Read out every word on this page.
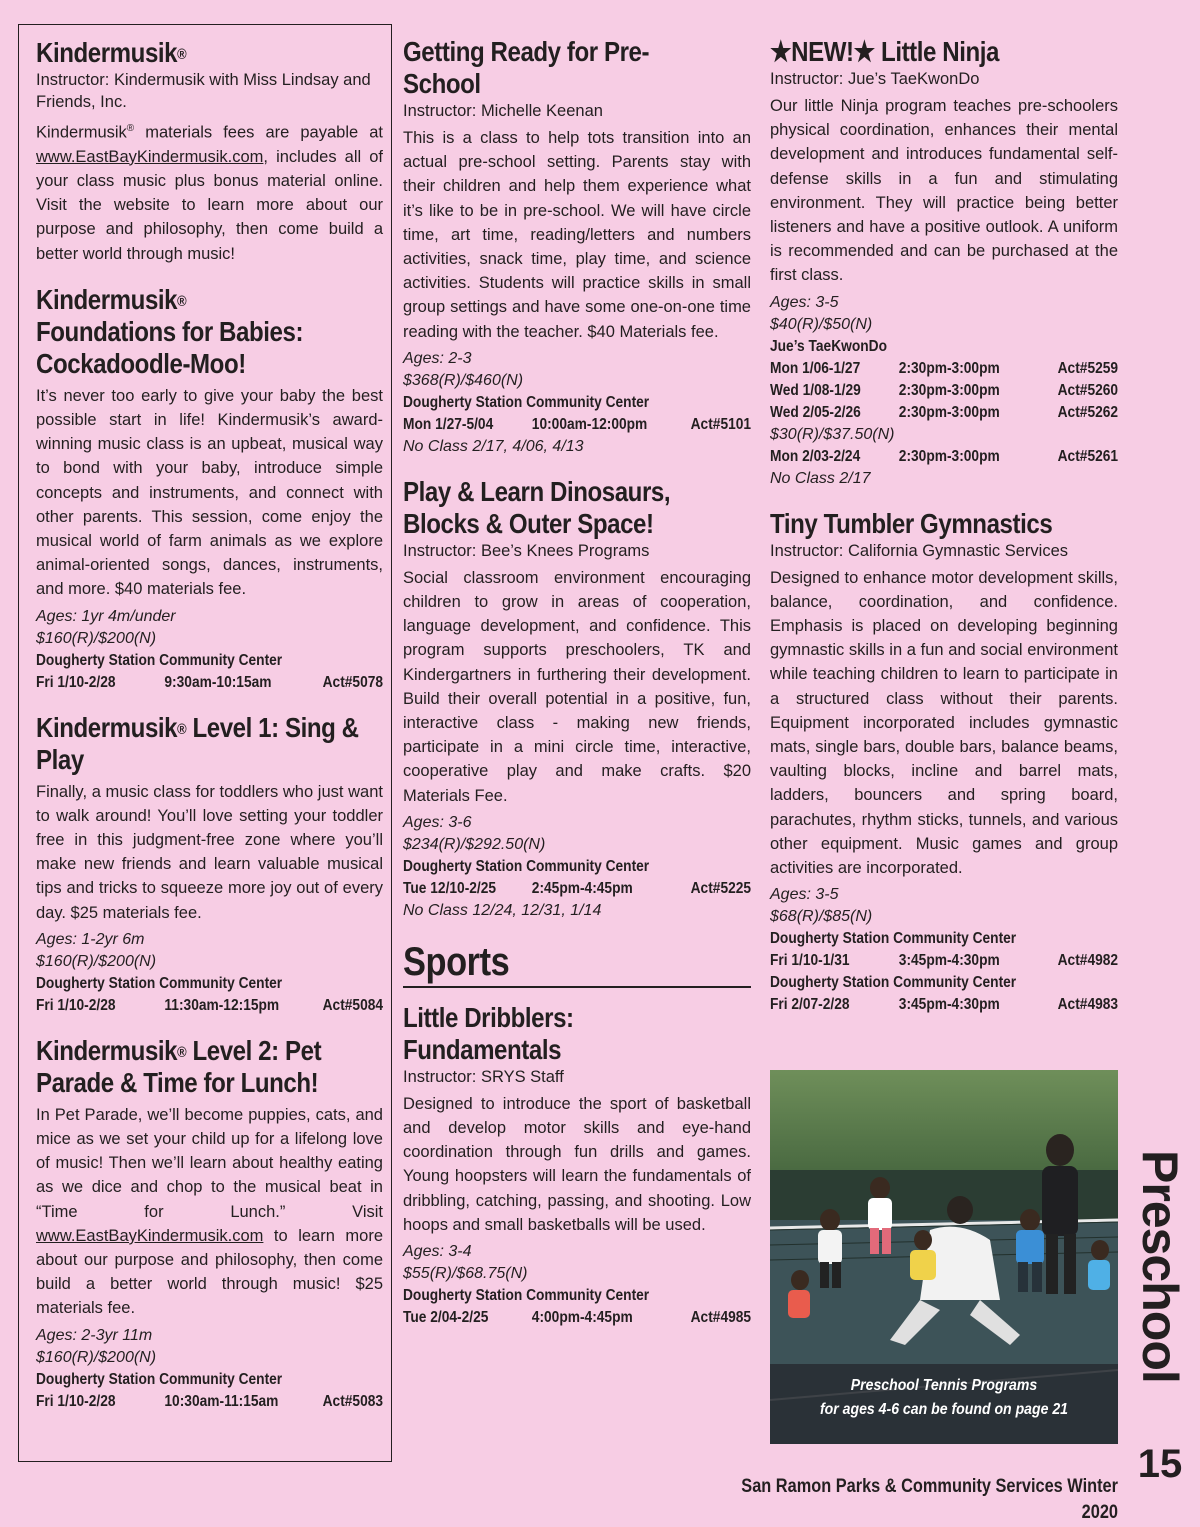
Kindermusik®
Instructor: Kindermusik with Miss Lindsay and Friends, Inc.
Kindermusik® materials fees are payable at www.EastBayKindermusik.com, includes all of your class music plus bonus material online. Visit the website to learn more about our purpose and philosophy, then come build a better world through music!
Kindermusik®
Foundations for Babies: Cockadoodle-Moo!
It’s never too early to give your baby the best possible start in life! Kindermusik’s award-winning music class is an upbeat, musical way to bond with your baby, introduce simple concepts and instruments, and connect with other parents. This session, come enjoy the musical world of farm animals as we explore animal-oriented songs, dances, instruments, and more. $40 materials fee.
Ages: 1yr 4m/under
$160(R)/$200(N)
Dougherty Station Community Center
Fri 1/10-2/28	9:30am-10:15am	Act#5078
Kindermusik® Level 1: Sing & Play
Finally, a music class for toddlers who just want to walk around! You’ll love setting your toddler free in this judgment-free zone where you’ll make new friends and learn valuable musical tips and tricks to squeeze more joy out of every day. $25 materials fee.
Ages: 1-2yr 6m
$160(R)/$200(N)
Dougherty Station Community Center
Fri 1/10-2/28	11:30am-12:15pm	Act#5084
Kindermusik® Level 2: Pet Parade & Time for Lunch!
In Pet Parade, we’ll become puppies, cats, and mice as we set your child up for a lifelong love of music! Then we’ll learn about healthy eating as we dice and chop to the musical beat in “Time for Lunch.” Visit www.EastBayKindermusik.com to learn more about our purpose and philosophy, then come build a better world through music! $25 materials fee.
Ages: 2-3yr 11m
$160(R)/$200(N)
Dougherty Station Community Center
Fri 1/10-2/28	10:30am-11:15am	Act#5083
Getting Ready for Pre-School
Instructor: Michelle Keenan
This is a class to help tots transition into an actual pre-school setting. Parents stay with their children and help them experience what it’s like to be in pre-school. We will have circle time, art time, reading/letters and numbers activities, snack time, play time, and science activities. Students will practice skills in small group settings and have some one-on-one time reading with the teacher. $40 Materials fee.
Ages: 2-3
$368(R)/$460(N)
Dougherty Station Community Center
Mon 1/27-5/04	10:00am-12:00pm	Act#5101
No Class 2/17, 4/06, 4/13
Play & Learn Dinosaurs, Blocks & Outer Space!
Instructor: Bee’s Knees Programs
Social classroom environment encouraging children to grow in areas of cooperation, language development, and confidence. This program supports preschoolers, TK and Kindergartners in furthering their development. Build their overall potential in a positive, fun, interactive class - making new friends, participate in a mini circle time, interactive, cooperative play and make crafts. $20 Materials Fee.
Ages: 3-6
$234(R)/$292.50(N)
Dougherty Station Community Center
Tue 12/10-2/25	2:45pm-4:45pm	Act#5225
No Class 12/24, 12/31, 1/14
Sports
Little Dribblers: Fundamentals
Instructor: SRYS Staff
Designed to introduce the sport of basketball and develop motor skills and eye-hand coordination through fun drills and games. Young hoopsters will learn the fundamentals of dribbling, catching, passing, and shooting. Low hoops and small basketballs will be used.
Ages: 3-4
$55(R)/$68.75(N)
Dougherty Station Community Center
Tue 2/04-2/25	4:00pm-4:45pm	Act#4985
★NEW!★ Little Ninja
Instructor: Jue’s TaeKwonDo
Our little Ninja program teaches pre-schoolers physical coordination, enhances their mental development and introduces fundamental self-defense skills in a fun and stimulating environment. They will practice being better listeners and have a positive outlook. A uniform is recommended and can be purchased at the first class.
Ages: 3-5
$40(R)/$50(N)
Jue’s TaeKwonDo
Mon 1/06-1/27	2:30pm-3:00pm	Act#5259
Wed 1/08-1/29	2:30pm-3:00pm	Act#5260
Wed 2/05-2/26	2:30pm-3:00pm	Act#5262
$30(R)/$37.50(N)
Mon 2/03-2/24	2:30pm-3:00pm	Act#5261
No Class 2/17
Tiny Tumbler Gymnastics
Instructor: California Gymnastic Services
Designed to enhance motor development skills, balance, coordination, and confidence. Emphasis is placed on developing beginning gymnastic skills in a fun and social environment while teaching children to learn to participate in a structured class without their parents. Equipment incorporated includes gymnastic mats, single bars, double bars, balance beams, vaulting blocks, incline and barrel mats, ladders, bouncers and spring board, parachutes, rhythm sticks, tunnels, and various other equipment. Music games and group activities are incorporated.
Ages: 3-5
$68(R)/$85(N)
Dougherty Station Community Center
Fri 1/10-1/31	3:45pm-4:30pm	Act#4982
Dougherty Station Community Center
Fri 2/07-2/28	3:45pm-4:30pm	Act#4983
Preschool Tennis Programs
for ages 4-6 can be found on page 21
Preschool
15
San Ramon Parks & Community Services Winter 2020
